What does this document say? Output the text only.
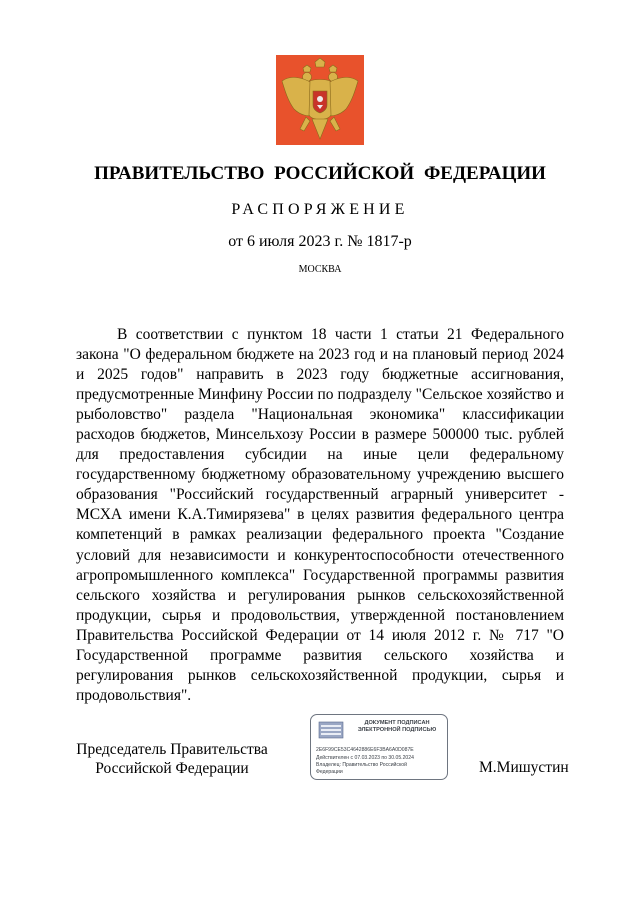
ПРАВИТЕЛЬСТВО РОССИЙСКОЙ ФЕДЕРАЦИИ
РАСПОРЯЖЕНИЕ
от 6 июля 2023 г. № 1817-р
МОСКВА

В соответствии с пунктом 18 части 1 статьи 21 Федерального закона "О федеральном бюджете на 2023 год и на плановый период 2024 и 2025 годов" направить в 2023 году бюджетные ассигнования, предусмотренные Минфину России по подразделу "Сельское хозяйство и рыболовство" раздела "Национальная экономика" классификации расходов бюджетов, Минсельхозу России в размере 500000 тыс. рублей для предоставления субсидии на иные цели федеральному государственному бюджетному образовательному учреждению высшего образования "Российский государственный аграрный университет - МСХА имени К.А.Тимирязева" в целях развития федерального центра компетенций в рамках реализации федерального проекта "Создание условий для независимости и конкурентоспособности отечественного агропромышленного комплекса" Государственной программы развития сельского хозяйства и регулирования рынков сельскохозяйственной продукции, сырья и продовольствия, утвержденной постановлением Правительства Российской Федерации от 14 июля 2012 г. № 717 "О Государственной программе развития сельского хозяйства и регулирования рынков сельскохозяйственной продукции, сырья и продовольствия".

Председатель Правительства Российской Федерации
ДОКУМЕНТ ПОДПИСАН
ЭЛЕКТРОННОЙ ПОДПИСЬЮ
2E6F99CE53C4642886E6F3BA6A0D087E
Действителен с 07.03.2023 по 30.05.2024
Владелец: Правительство Российской
Федерации	М.Мишустин
